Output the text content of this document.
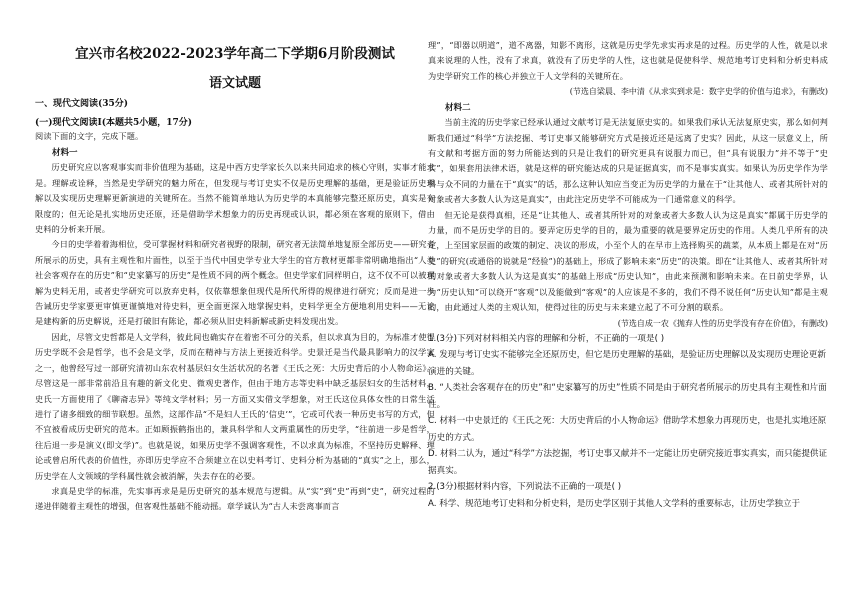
宜兴市名校2022-2023学年高二下学期6月阶段测试

语文试题

一、现代文阅读(35分)

(一)现代文阅读I(本题共5小题，17分)

阅读下面的文字，完成下题。

材料一

历史研究应以客观事实而非价值理为基础，这是中西方史学家长久以来共同追求的核心守则，实事才能求是。理解或诠释，当然是史学研究的魅力所在，但发现与考订史实不仅是历史理解的基础，更是验证历史理解以及实现历史理解更新演进的关键所在。当然不能简单地认为历史学的本真能够完整还原历史，真实是有限度的；但无论是扎实地历史还原，还是借助学术想象力的历史再现或认识，都必须在客观的原则下，借由史料的分析来开展。

今日的史学着着海相位，受可掌握材料和研究者视野的限制，研究者无法简单地复原全部历史——研究者所展示的历史，具有主观性和片面性，以至于当代中国史学专业大学生的官方教材更都非常明确地指出“人类社会客观存在的历史”和“史家纂写的历史”是性质不同的两个概念。但史学家们同样明白，这不仅不可以被理解为史料无用，或者史学研究可以放弃史料，仅依靠想象但现代是所代所得的规律进行研究；反而是进一步告诫历史学家要更审慎更谨慎地对待史料，更全面更深入地掌握史料，史料学更全方便地利用史料——无论是建构新的历史解说，还是打破旧有陈论，都必须从旧史料新解或新史料发现出发。

因此，尽管文史哲都是人文学科，彼此间也确实存在着密不可分的关系，但以求真为目的，为标准才使得历史学既不会是哲学，也不会是文学，反而在精神与方法上更接近科学。史景迁是当代最具影响力的汉学家之一，他曾经写过一部研究清初山东农村基层妇女生活状况的名著《王氏之死：大历史背后的小人物命运》。尽管这是一部非常前沿且有趣的新文化史、微观史著作，但由于地方志等史料中缺乏基层妇女的生活材料，史氏一方面使用了《聊斋志异》等纯文学材料；另一方面又实借文学想象，对王氏这位具体女性的日常生活进行了诸多细致的细节联想。虽然，这部作品“不是妇人王氏的‘信史’”，它或可代表一种历史书写的方式，但不宜被看成历史研究的范本。正如顾振鹤指出的，兼具科学和人文两重属性的历史学，“往前进一步是哲学，往后退一步是演义(即文学)”。也就是说，如果历史学不强调客观性，不以求真为标准，不坚持历史解释、理论或曾启所代表的价值性，亦即历史学应不合须建立在以史料考订、史料分析为基础的“真实”之上，那么，历史学在人文领域的学科属性就会被消解，失去存在的必要。

求真是史学的标准，先实事再求是是历史研究的基本规范与逻辑。从“实”到“史”再到“史”，研究过程的递进伴随着主观性的增强，但客观性基础不能动摇。章学诚认为“古人未尝离事而言

理”，“即器以明道”，道不离器，知影不离形，这就是历史学先求实再求是的过程。历史学的人性，就是以求真来说理的人性，没有了求真，就没有了历史学的人性，这也就是促使科学、规范地考订史料和分析史料成为史学研究工作的核心并独立于人文学科的关键所在。

(节选自梁晨、李中清《从求实到求是：数字史学的价值与追求》，有删改)

材料二

当前主流的历史学家已经承认通过文献考订是无法复原史实的。如果我们承认无法复原史实，那么如何判断我们通过“科学”方法挖掘、考订史事又能够研究方式是接近还是远离了史实？因此，从这一层意义上，所有文献和考据方面的努力所能达到的只是让我们的研究更具有说服力而已，但“具有说服力”并不等于“史实”，如果套用法律术语，就是这样的研究能达成的只是证据真实，而不是事实真实。如果认为历史学作为学科与众不同的力量在于“真实”的话，那么这种认知应当变正为历史学的力量在于“让其他人、或者其所针对的对象或者大多数人认为这是真实”，由此注定历史学不可能成为一门通常意义的科学。

但无论是获得真相，还是“让其他人、或者其所针对的对象或者大多数人认为这是真实”都属于历史学的力量，而不是历史学的目的。要弄定历史学的目的，最为重要的就是要界定历史的作用。人类几乎所有的决定，上至国家层面的政策的制定、决议的形成，小至个人的在早市上选择购买的蔬菜，从本质上都是在对“历史”的研究(或通俗的说就是“经验”)的基础上，形成了影响未来“历史”的决策。即在“让其他人、或者其所针对的对象或者大多数人认为这是真实”的基础上形成“历史认知”，由此来预测和影响未来。在日前史学界，认为“历史认知”可以绕开“客观”以及能做到“客观”的人应该是不多的，我们不得不说任何“历史认知”都是主观的，由此通过人类的主观认知，使得过往的历史与未来建立起了不可分割的联系。

(节选自成一农《抛弃人性的历史学没有存在价值》，有删改)

1.(3分)下列对材料相关内容的理解和分析，不正确的一项是( )

A. 发现与考订史实不能够完全还原历史，但它是历史理解的基础，是验证历史理解以及实现历史理论更新演进的关键。

B. “人类社会客观存在的历史”和“史家纂写的历史”性质不同是由于研究者所展示的历史具有主观性和片面性。

C. 材料一中史景迁的《王氏之死：大历史背后的小人物命运》借助学术想象力再现历史，也是扎实地还原历史的方式。

D. 材料二认为，通过“科学”方法挖掘，考订史事又献并不一定能让历史研究接近事实真实，而只能提供证据真实。

2.(3分)根据材料内容，下列说法不正确的一项是( )

A. 科学、规范地考订史料和分析史料，是历史学区别于其他人文学科的重要标志，让历史学独立于
